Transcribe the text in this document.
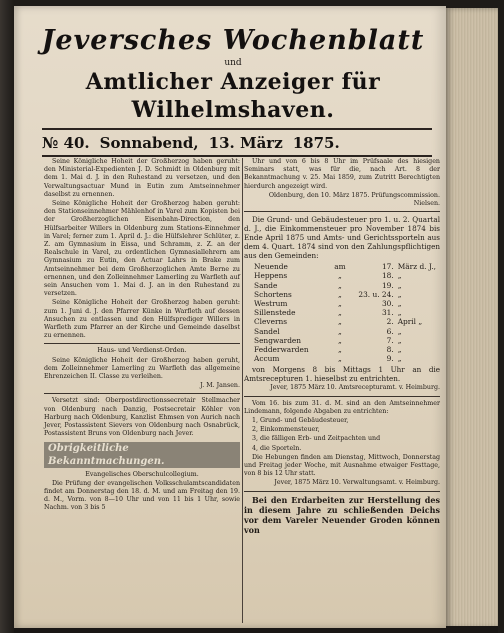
Jeversches Wochenblatt
und
Amtlicher Anzeiger für Wilhelmshaven.
№ 40. Sonnabend, 13. März 1875.

Seine Königliche Hoheit der Großherzog haben geruht: den Ministerial-Expedienten J. D. Schmidt in Oldenburg mit dem 1. Mai d. J. in den Ruhestand zu versetzen, und den Verwaltungsactuar Mund in Eutin zum Amtseinnehmer daselbst zu ernennen.

Seine Königliche Hoheit der Großherzog haben geruht: den Stationseinnehmer Mählenhof in Varel zum Kopisten bei der Großherzoglichen Eisenbahn-Direction, den Hülfsarbeiter Willers in Oldenburg zum Stations-Einnehmer in Varel; ferner zum 1. April d. J.: die Hülfslehrer Schlüter, z. Z. am Gymnasium in Eissa, und Schramm, z. Z. an der Realschule in Varel, zu ordentlichen Gymnasiallehrern am Gymnasium zu Eutin, den Actuar Lahrs in Brake zum Amtseinnehmer bei dem Großherzoglichen Amte Berne zu ernennen, und den Zolleinnehmer Lamerling zu Warfleth auf sein Ansuchen vom 1. Mai d. J. an in den Ruhestand zu versetzen.

Seine Königliche Hoheit der Großherzog haben geruht: zum 1. Juni d. J. den Pfarrer Künke in Warfleth auf dessen Ansuchen zu entlassen und den Hülfsprediger Willers in Warfleth zum Pfarrer an der Kirche und Gemeinde daselbst zu ernennen.

Haus- und Verdienst-Orden.

Seine Königliche Hoheit der Großherzog haben geruht, dem Zolleinnehmer Lamerling zu Warfleth das allgemeine Ehrenzeichen II. Classe zu verleihen.

J. M. Jansen.

Versetzt sind: Oberpostdirectionssecretair Stellmacher von Oldenburg nach Danzig, Postsecretair Köhler von Harburg nach Oldenburg, Kanzlist Ehmsen von Aurich nach Jever, Postassistent Sievers von Oldenburg nach Osnabrück, Postassistent Bruns von Oldenburg nach Jever.

Obrigkeitliche Bekanntmachungen.

Evangelisches Oberschulcollegium.

Die Prüfung der evangelischen Volksschulamtscandidaten findet am Donnerstag den 18. d. M. und am Freitag den 19. d. M., Vorm. von 8—10 Uhr und von 11 bis 1 Uhr, sowie Nachm. von 3 bis 5

Uhr und von 6 bis 8 Uhr im Prüfsaale des hiesigen Seminars statt, was für die, nach Art. 8 der Bekanntmachung v. 25. Mai 1859, zum Zutritt Berechtigten hierdurch angezeigt wird.

Oldenburg, den 10. März 1875. Prüfungscommission. Nielsen.

Die Grund- und Gebäudesteuer pro 1. u. 2. Quartal d. J., die Einkommensteuer pro November 1874 bis Ende April 1875 und Amts- und Gerichtssporteln aus dem 4. Quart. 1874 sind von den Zahlungspflichtigen aus den Gemeinden:

Neuende	am	17.	März d. J.,
Heppens	„	18.	„
Sande	„	19.	„
Schortens	„	23. u. 24.	„
Westrum	„	30.	„
Sillenstede	„	31.	„
Cleverns	„	2.	April „
Sandel	„	6.	„
Sengwarden	„	7.	„
Fedderwarden	„	8.	„
Accum	„	9.	„

von Morgens 8 bis Mittags 1 Uhr an die Amtsrecepturen 1. hieselbst zu entrichten.

Jever, 1875 März 10. Amtsrecepturamt. v. Heimburg.

Vom 16. bis zum 31. d. M. sind an den Amtseinnehmer Lindemann, folgende Abgaben zu entrichten:

1, Grund- und Gebäudesteuer,

2, Einkommensteuer,

3, die fälligen Erb- und Zeitpachten und

4, die Sporteln.

Die Hebungen finden am Dienstag, Mittwoch, Donnerstag und Freitag jeder Woche, mit Ausnahme etwaiger Festtage, von 8 bis 12 Uhr statt.

Jever, 1875 März 10. Verwaltungsamt. v. Heimburg.

Bei den Erdarbeiten zur Herstellung des in diesem Jahre zu schließenden Deichs vor dem Vareler Neuender Groden können von
